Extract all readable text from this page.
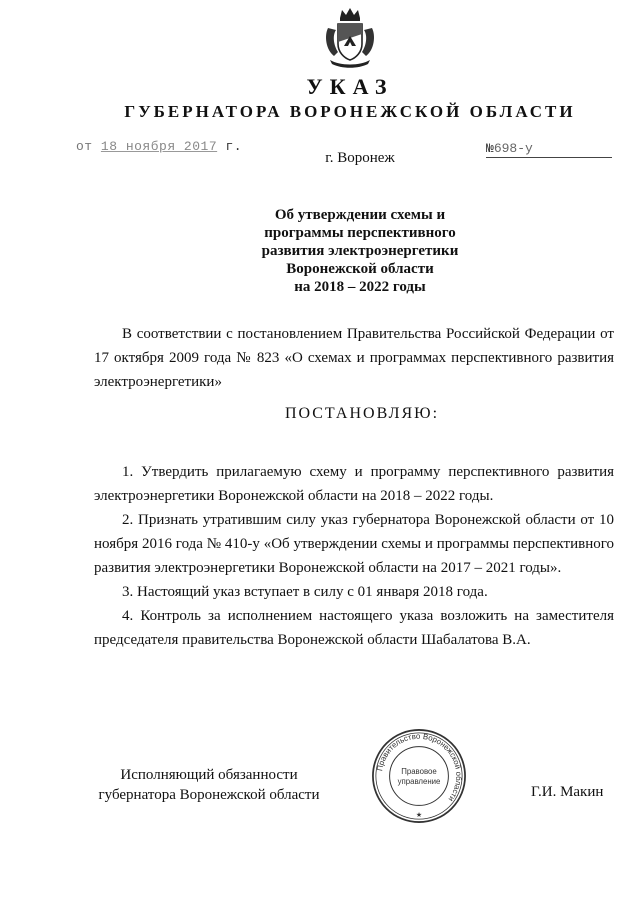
УКАЗ
ГУБЕРНАТОРА ВОРОНЕЖСКОЙ ОБЛАСТИ
от 18 ноября 2017 г.	№698-у
г. Воронеж
Об утверждении схемы и
программы перспективного
развития электроэнергетики
Воронежской области
на 2018 – 2022 годы

В соответствии с постановлением Правительства Российской Федерации от 17 октября 2009 года № 823 «О схемах и программах перспективного развития электроэнергетики»

ПОСТАНОВЛЯЮ:

1. Утвердить прилагаемую схему и программу перспективного развития электроэнергетики Воронежской области на 2018 – 2022 годы.

2. Признать утратившим силу указ губернатора Воронежской области от 10 ноября 2016 года № 410-у «Об утверждении схемы и программы перспективного развития электроэнергетики Воронежской области на 2017 – 2021 годы».

3. Настоящий указ вступает в силу с 01 января 2018 года.

4. Контроль за исполнением настоящего указа возложить на заместителя председателя правительства Воронежской области Шабалатова В.А.

Исполняющий обязанности
губернатора Воронежской области
Правительство Воронежской области
Правовое
управление
★
Г.И. Макин
